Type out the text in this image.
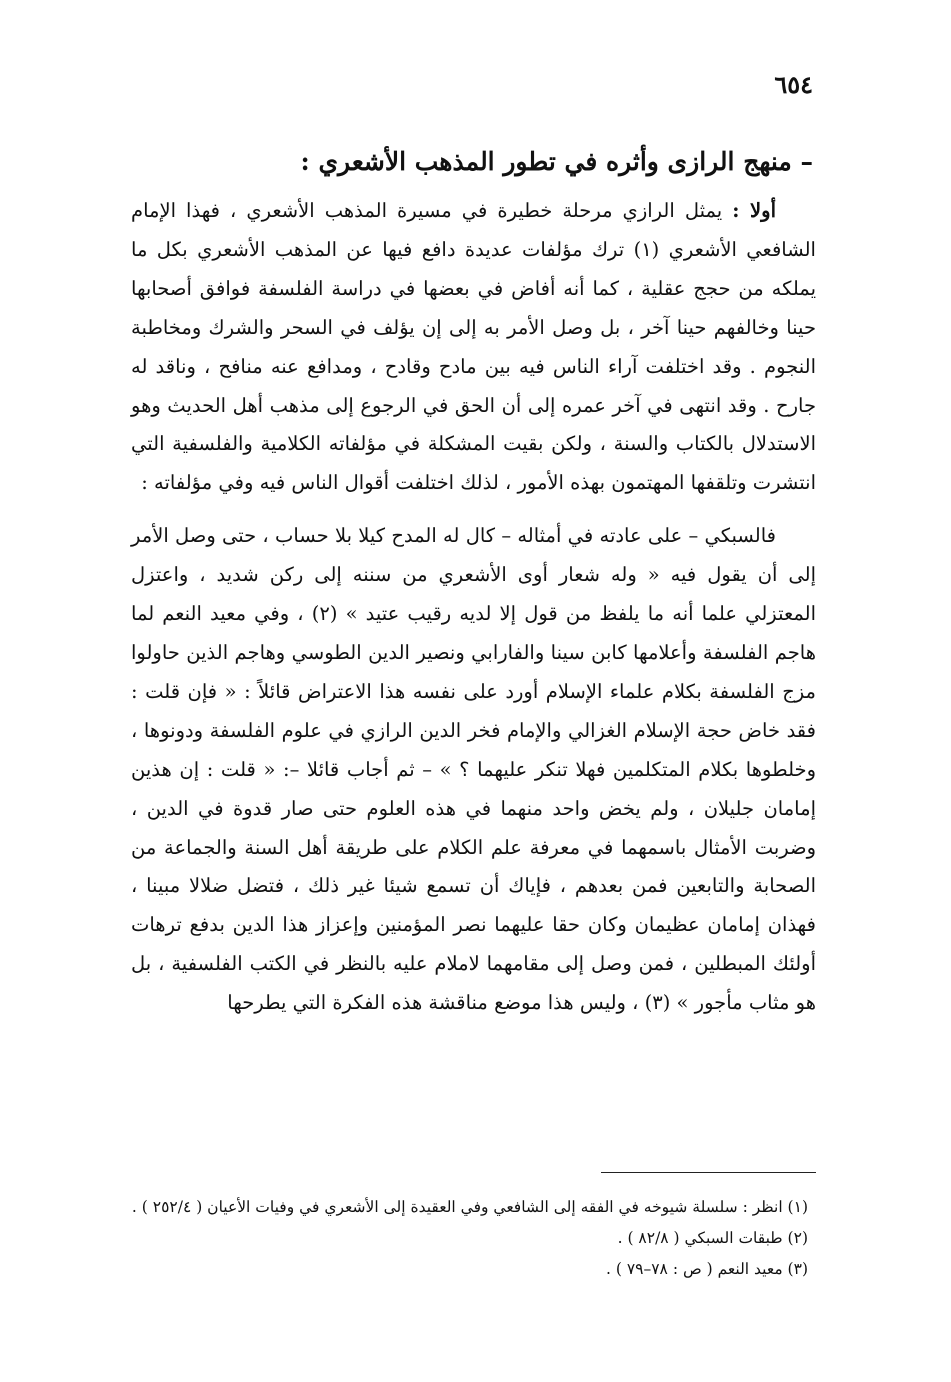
٦٥٤
– منهج الرازى وأثره في تطور المذهب الأشعري :

أولا : يمثل الرازي مرحلة خطيرة في مسيرة المذهب الأشعري ، فهذا الإمام الشافعي الأشعري (١) ترك مؤلفات عديدة دافع فيها عن المذهب الأشعري بكل ما يملكه من حجج عقلية ، كما أنه أفاض في بعضها في دراسة الفلسفة فوافق أصحابها حينا وخالفهم حينا آخر ، بل وصل الأمر به إلى إن يؤلف في السحر والشرك ومخاطبة النجوم . وقد اختلفت آراء الناس فيه بين مادح وقادح ، ومدافع عنه منافح ، وناقد له جارح . وقد انتهى في آخر عمره إلى أن الحق في الرجوع إلى مذهب أهل الحديث وهو الاستدلال بالكتاب والسنة ، ولكن بقيت المشكلة في مؤلفاته الكلامية والفلسفية التي انتشرت وتلقفها المهتمون بهذه الأمور ، لذلك اختلفت أقوال الناس فيه وفي مؤلفاته :

فالسبكي – على عادته في أمثاله – كال له المدح كيلا بلا حساب ، حتى وصل الأمر إلى أن يقول فيه « وله شعار أوى الأشعري من سننه إلى ركن شديد ، واعتزل المعتزلي علما أنه ما يلفظ من قول إلا لديه رقيب عتيد » (٢) ، وفي معيد النعم لما هاجم الفلسفة وأعلامها كابن سينا والفارابي ونصير الدين الطوسي وهاجم الذين حاولوا مزج الفلسفة بكلام علماء الإسلام أورد على نفسه هذا الاعتراض قائلاً : « فإن قلت : فقد خاض حجة الإسلام الغزالي والإمام فخر الدين الرازي في علوم الفلسفة ودونوها ، وخلطوها بكلام المتكلمين فهلا تنكر عليهما ؟ » – ثم أجاب قائلا –: « قلت : إن هذين إمامان جليلان ، ولم يخض واحد منهما في هذه العلوم حتى صار قدوة في الدين ، وضربت الأمثال باسمهما في معرفة علم الكلام على طريقة أهل السنة والجماعة من الصحابة والتابعين فمن بعدهم ، فإياك أن تسمع شيئا غير ذلك ، فتضل ضلالا مبينا ، فهذان إمامان عظيمان وكان حقا عليهما نصر المؤمنين وإعزاز هذا الدين بدفع ترهات أولئك المبطلين ، فمن وصل إلى مقامهما لاملام عليه بالنظر في الكتب الفلسفية ، بل هو مثاب مأجور » (٣) ، وليس هذا موضع مناقشة هذه الفكرة التي يطرحها

(١) انظر : سلسلة شيوخه في الفقه إلى الشافعي وفي العقيدة إلى الأشعري في وفيات الأعيان ( ٢٥٢/٤ ) .

(٢) طبقات السبكي ( ٨٢/٨ ) .

(٣) معيد النعم ( ص : ٧٨–٧٩ ) .
